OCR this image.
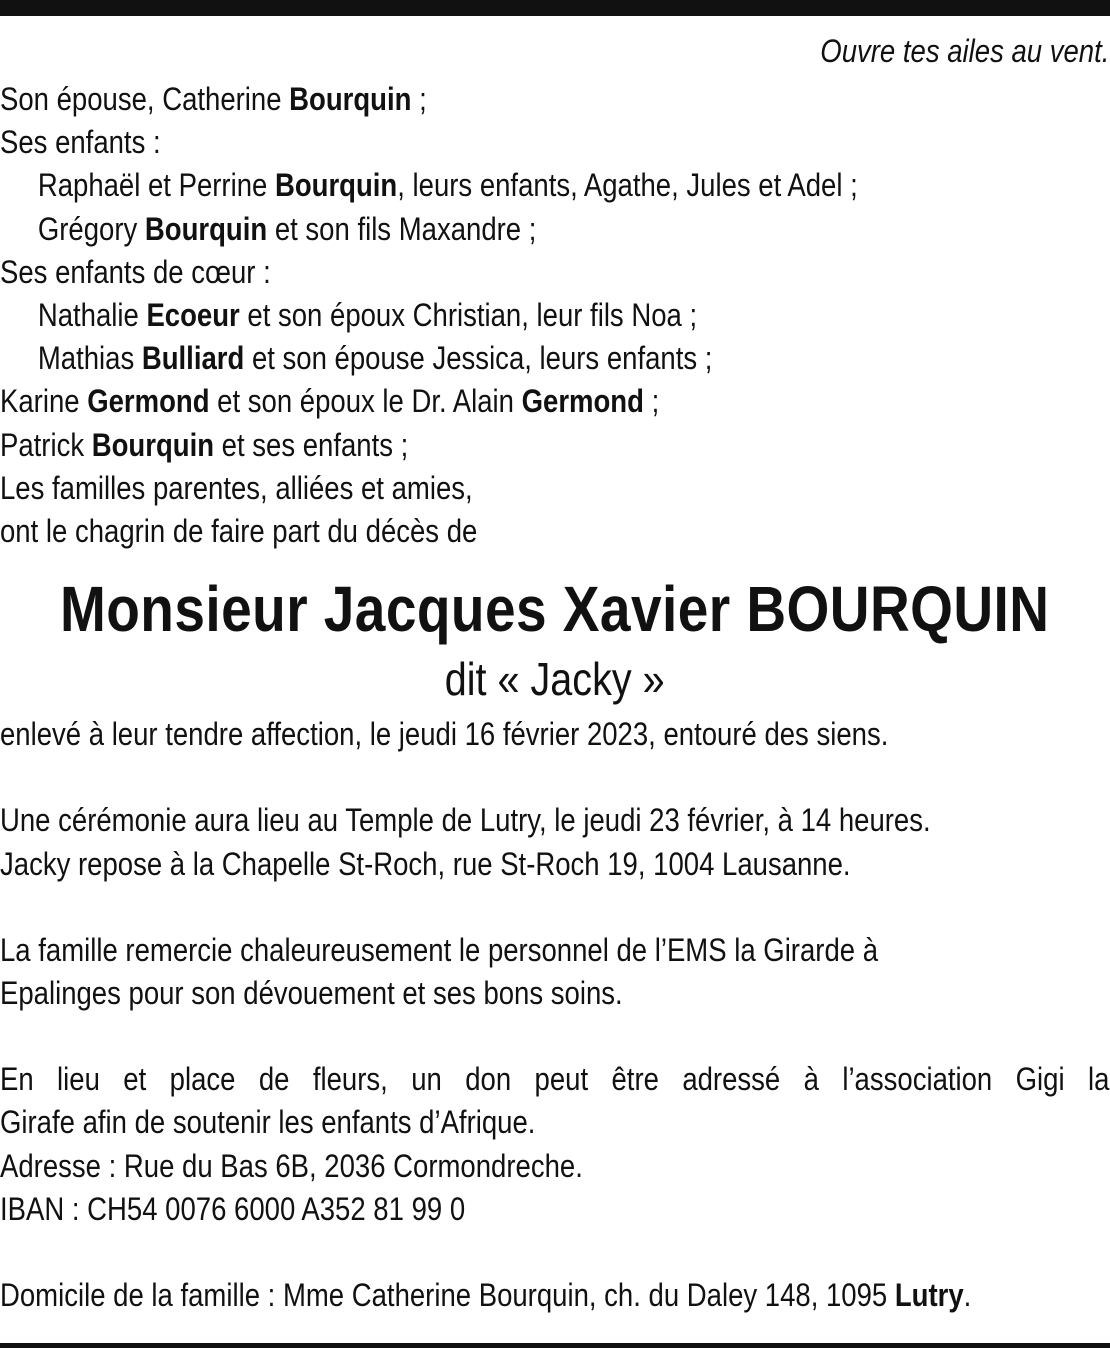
Ouvre tes ailes au vent.
Son épouse, Catherine Bourquin ;
Ses enfants :
Raphaël et Perrine Bourquin, leurs enfants, Agathe, Jules et Adel ;
Grégory Bourquin et son fils Maxandre ;
Ses enfants de cœur :
Nathalie Ecoeur et son époux Christian, leur fils Noa ;
Mathias Bulliard et son épouse Jessica, leurs enfants ;
Karine Germond et son époux le Dr. Alain Germond ;
Patrick Bourquin et ses enfants ;
Les familles parentes, alliées et amies,
ont le chagrin de faire part du décès de
Monsieur Jacques Xavier BOURQUIN
dit « Jacky »
enlevé à leur tendre affection, le jeudi 16 février 2023, entouré des siens.
Une cérémonie aura lieu au Temple de Lutry, le jeudi 23 février, à 14 heures.
Jacky repose à la Chapelle St-Roch, rue St-Roch 19, 1004 Lausanne.
La famille remercie chaleureusement le personnel de l’EMS la Girarde à
Epalinges pour son dévouement et ses bons soins.
En lieu et place de fleurs, un don peut être adressé à l’association Gigi la
Girafe afin de soutenir les enfants d’Afrique.
Adresse : Rue du Bas 6B, 2036 Cormondreche.
IBAN : CH54 0076 6000 A352 81 99 0
Domicile de la famille : Mme Catherine Bourquin, ch. du Daley 148, 1095 Lutry.
